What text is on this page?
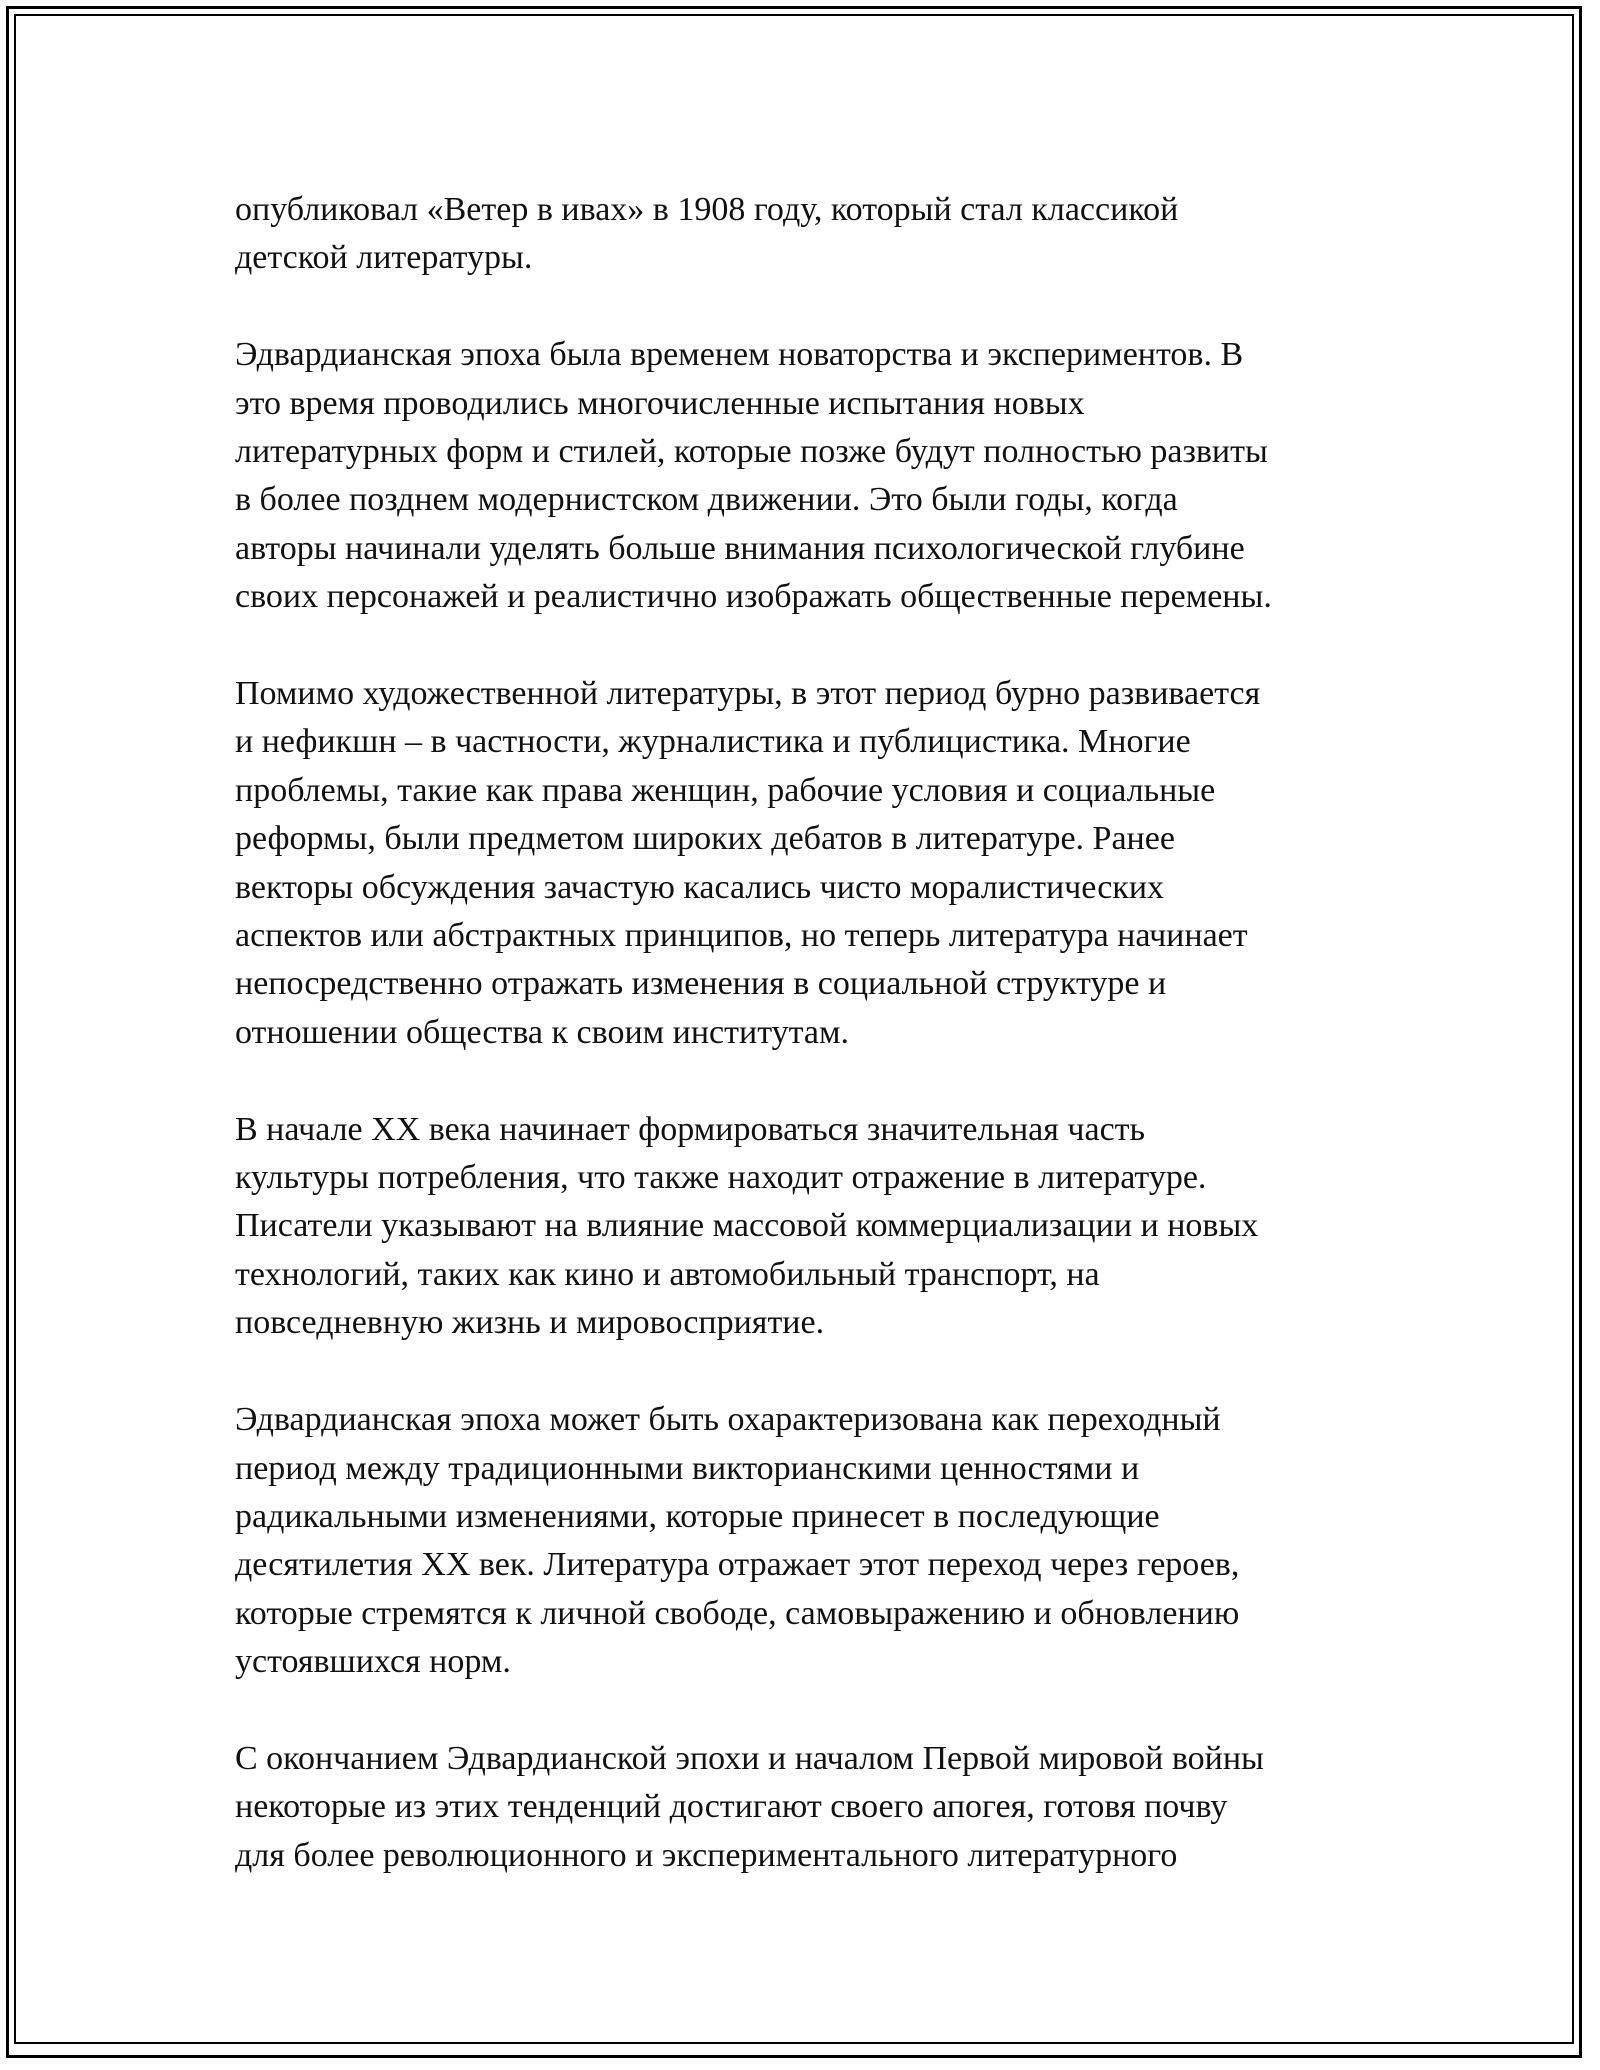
опубликовал «Ветер в ивах» в 1908 году, который стал классикой
детской литературы.

Эдвардианская эпоха была временем новаторства и экспериментов. В
это время проводились многочисленные испытания новых
литературных форм и стилей, которые позже будут полностью развиты
в более позднем модернистском движении. Это были годы, когда
авторы начинали уделять больше внимания психологической глубине
своих персонажей и реалистично изображать общественные перемены.

Помимо художественной литературы, в этот период бурно развивается
и нефикшн – в частности, журналистика и публицистика. Многие
проблемы, такие как права женщин, рабочие условия и социальные
реформы, были предметом широких дебатов в литературе. Ранее
векторы обсуждения зачастую касались чисто моралистических
аспектов или абстрактных принципов, но теперь литература начинает
непосредственно отражать изменения в социальной структуре и
отношении общества к своим институтам.

В начале XX века начинает формироваться значительная часть
культуры потребления, что также находит отражение в литературе.
Писатели указывают на влияние массовой коммерциализации и новых
технологий, таких как кино и автомобильный транспорт, на
повседневную жизнь и мировосприятие.

Эдвардианская эпоха может быть охарактеризована как переходный
период между традиционными викторианскими ценностями и
радикальными изменениями, которые принесет в последующие
десятилетия XX век. Литература отражает этот переход через героев,
которые стремятся к личной свободе, самовыражению и обновлению
устоявшихся норм.

С окончанием Эдвардианской эпохи и началом Первой мировой войны
некоторые из этих тенденций достигают своего апогея, готовя почву
для более революционного и экспериментального литературного
